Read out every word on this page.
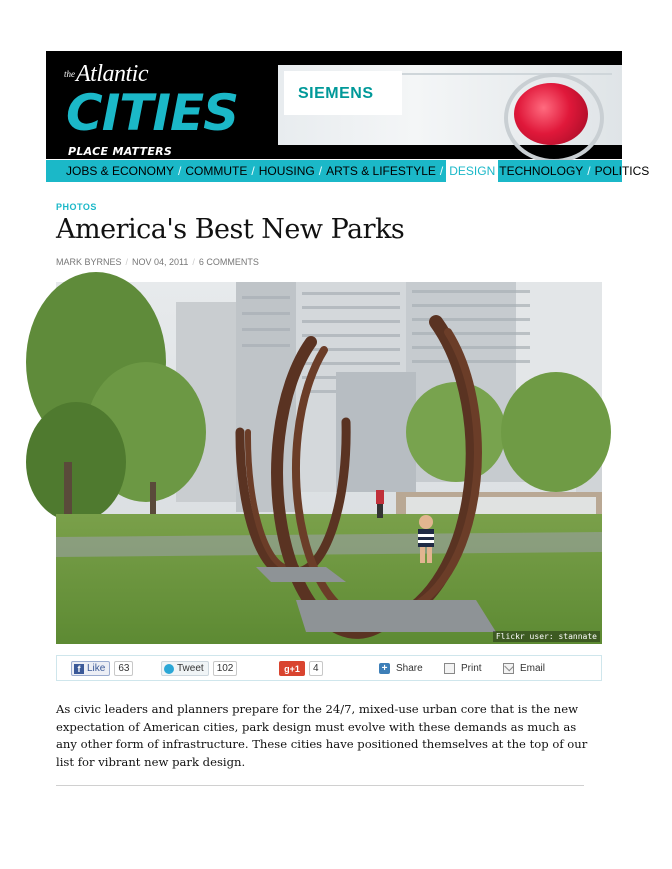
the Atlantic
CITIES
PLACE MATTERS
SIEMENS
JOBS & ECONOMY / COMMUTE / HOUSING / ARTS & LIFESTYLE / DESIGN TECHNOLOGY / POLITICS
PHOTOS
America's Best New Parks
MARK BYRNES / NOV 04, 2011 / 6 COMMENTS
Flickr user: stannate
f Like	63	Tweet	102	g +1	4	+ Share	Print	Email

As civic leaders and planners prepare for the 24/7, mixed-use urban core that is the new expectation of American cities, park design must evolve with these demands as much as any other form of infrastructure. These cities have positioned themselves at the top of our list for vibrant new park design.
